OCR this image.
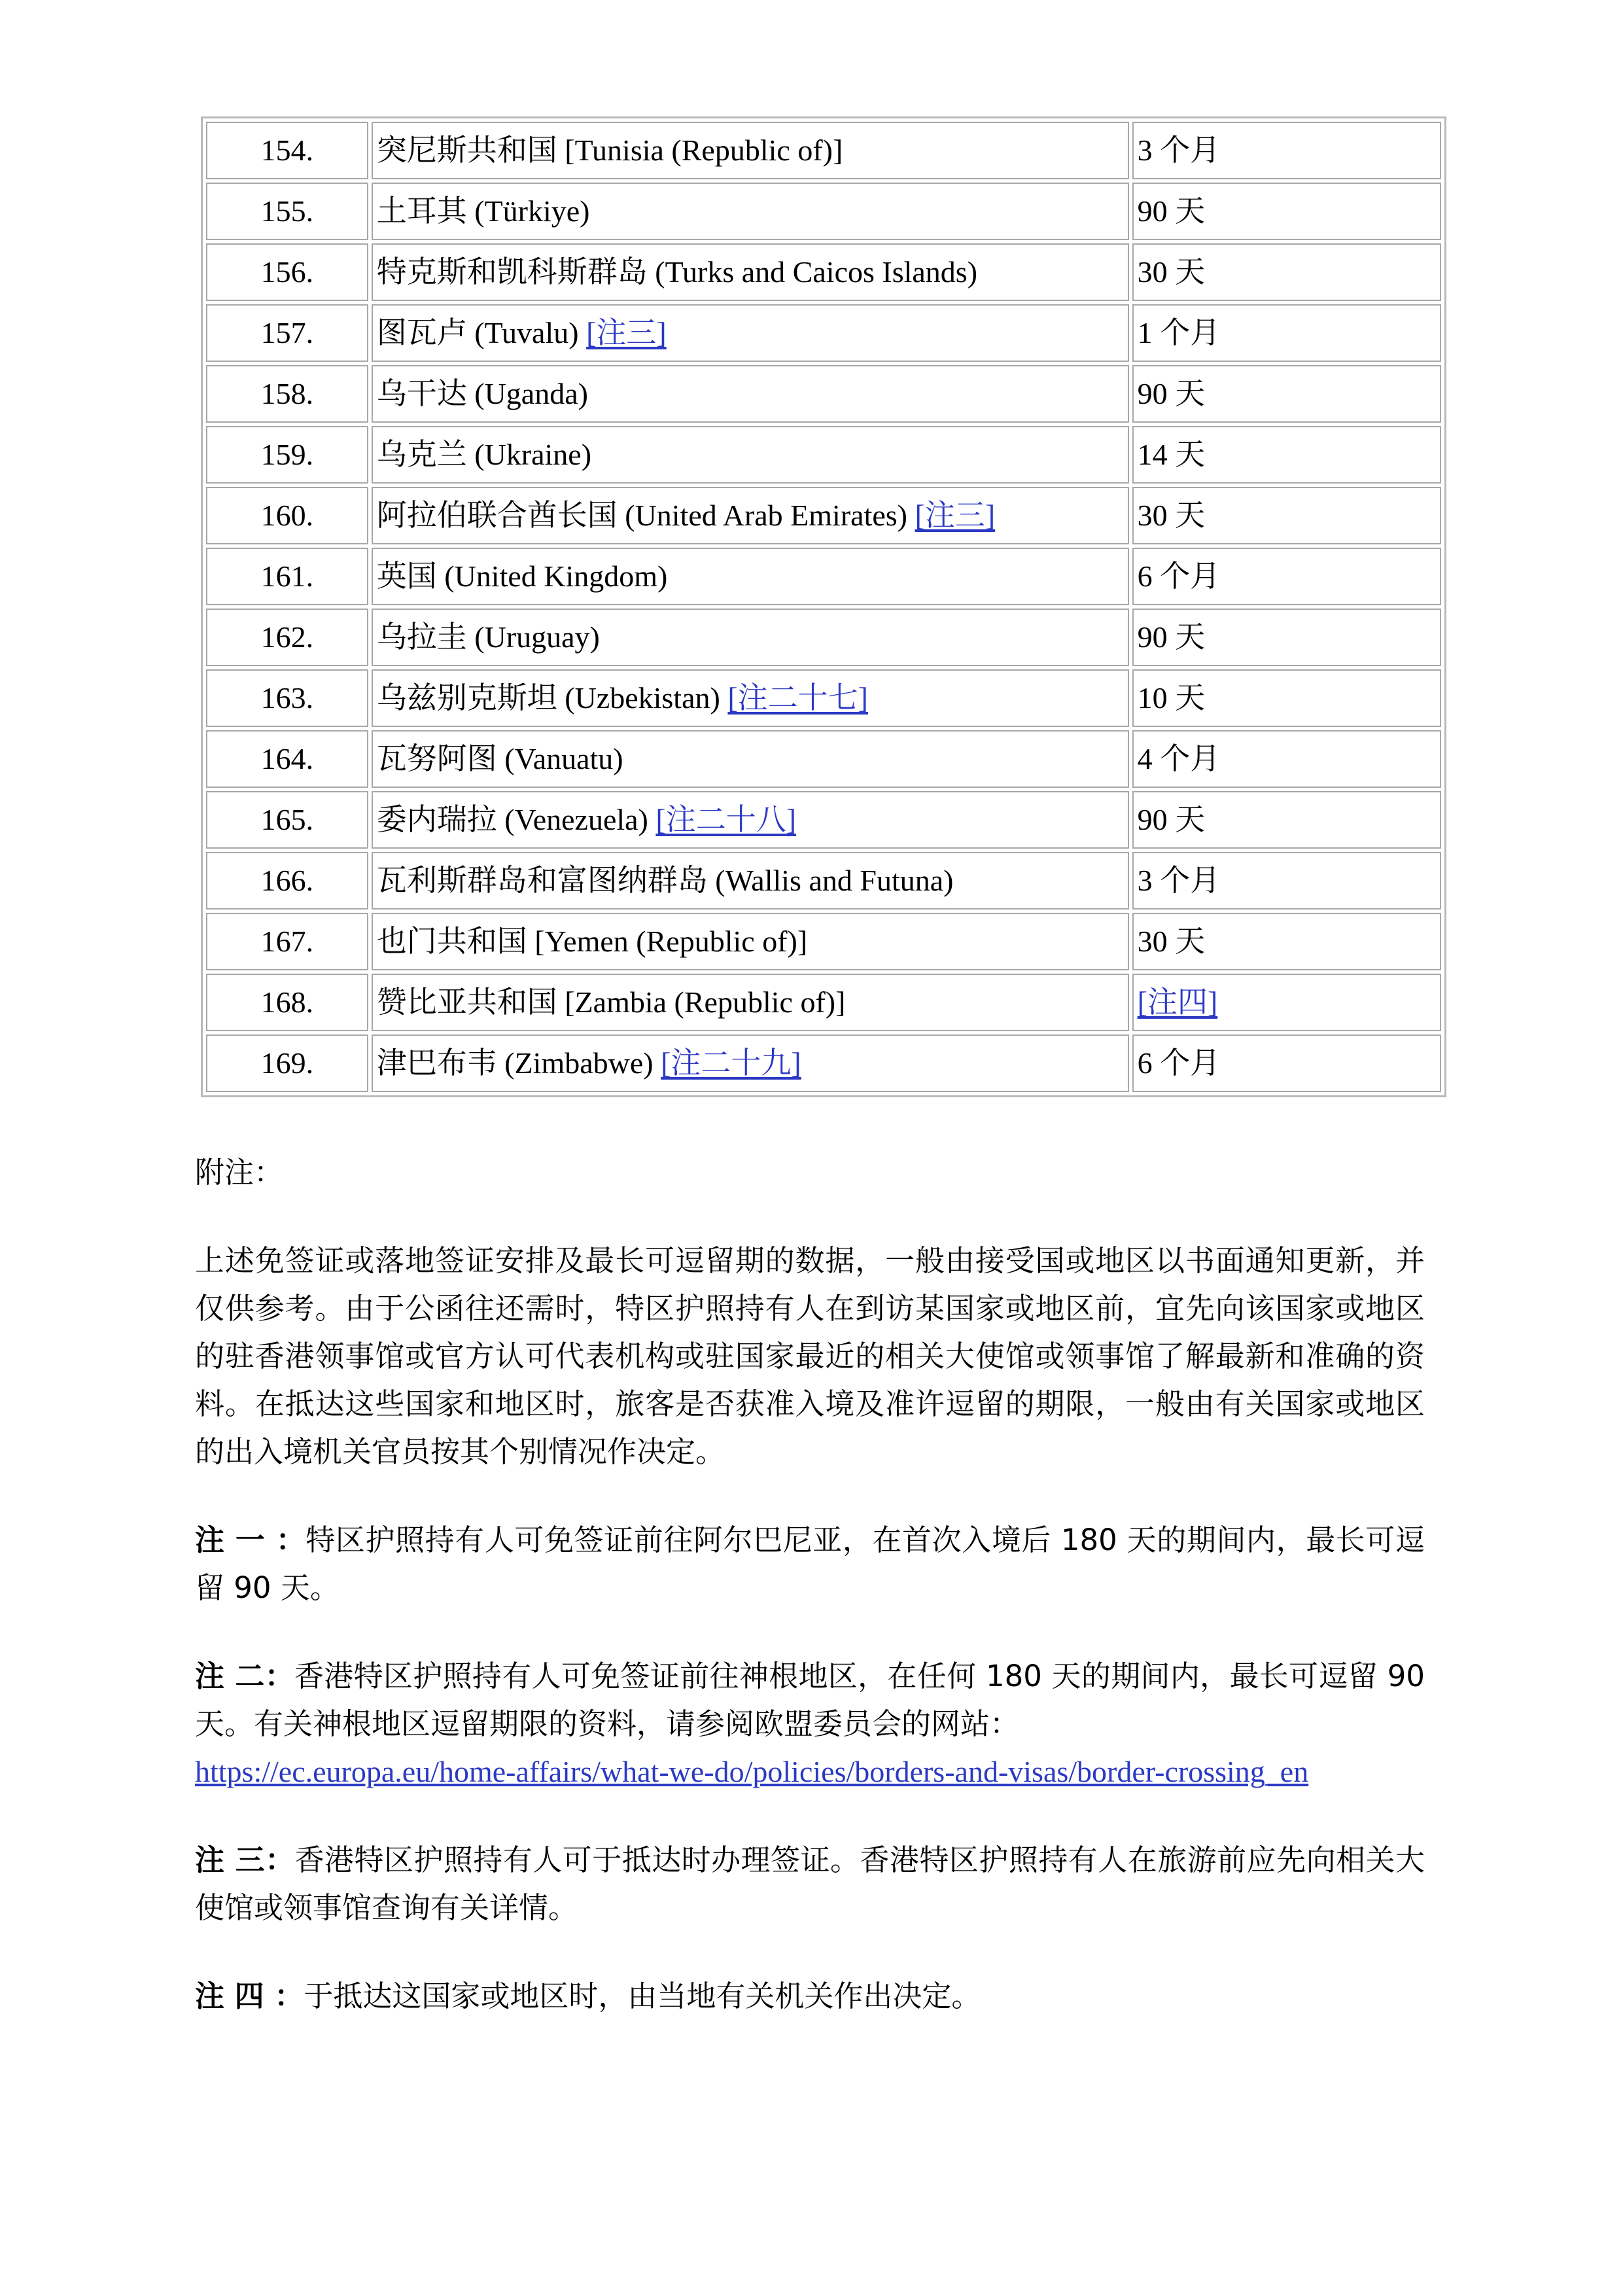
154.	突尼斯共和国 [Tunisia (Republic of)]	3 个月
155.	土耳其 (Türkiye)	90 天
156.	特克斯和凯科斯群岛 (Turks and Caicos Islands)	30 天
157.	图瓦卢 (Tuvalu) [注三]	1 个月
158.	乌干达 (Uganda)	90 天
159.	乌克兰 (Ukraine)	14 天
160.	阿拉伯联合酋长国 (United Arab Emirates) [注三]	30 天
161.	英国 (United Kingdom)	6 个月
162.	乌拉圭 (Uruguay)	90 天
163.	乌兹别克斯坦 (Uzbekistan) [注二十七]	10 天
164.	瓦努阿图 (Vanuatu)	4 个月
165.	委内瑞拉 (Venezuela) [注二十八]	90 天
166.	瓦利斯群岛和富图纳群岛 (Wallis and Futuna)	3 个月
167.	也门共和国 [Yemen (Republic of)]	30 天
168.	赞比亚共和国 [Zambia (Republic of)]	[注四]
169.	津巴布韦 (Zimbabwe) [注二十九]	6 个月

附注：

上述免签证或落地签证安排及最长可逗留期的数据，一般由接受国或地区以书面通知更新，并仅供参考。由于公函往还需时，特区护照持有人在到访某国家或地区前，宜先向该国家或地区的驻香港领事馆或官方认可代表机构或驻国家最近的相关大使馆或领事馆了解最新和准确的资料。在抵达这些国家和地区时，旅客是否获准入境及准许逗留的期限，一般由有关国家或地区的出入境机关官员按其个别情况作决定。

注 一 ：特区护照持有人可免签证前往阿尔巴尼亚，在首次入境后 180 天的期间内，最长可逗留 90 天。

注 二：香港特区护照持有人可免签证前往神根地区，在任何 180 天的期间内，最长可逗留 90 天。有关神根地区逗留期限的资料，请参阅欧盟委员会的网站：
https://ec.europa.eu/home-affairs/what-we-do/policies/borders-and-visas/border-crossing_en

注 三：香港特区护照持有人可于抵达时办理签证。香港特区护照持有人在旅游前应先向相关大使馆或领事馆查询有关详情。

注 四 ：于抵达这国家或地区时，由当地有关机关作出决定。
